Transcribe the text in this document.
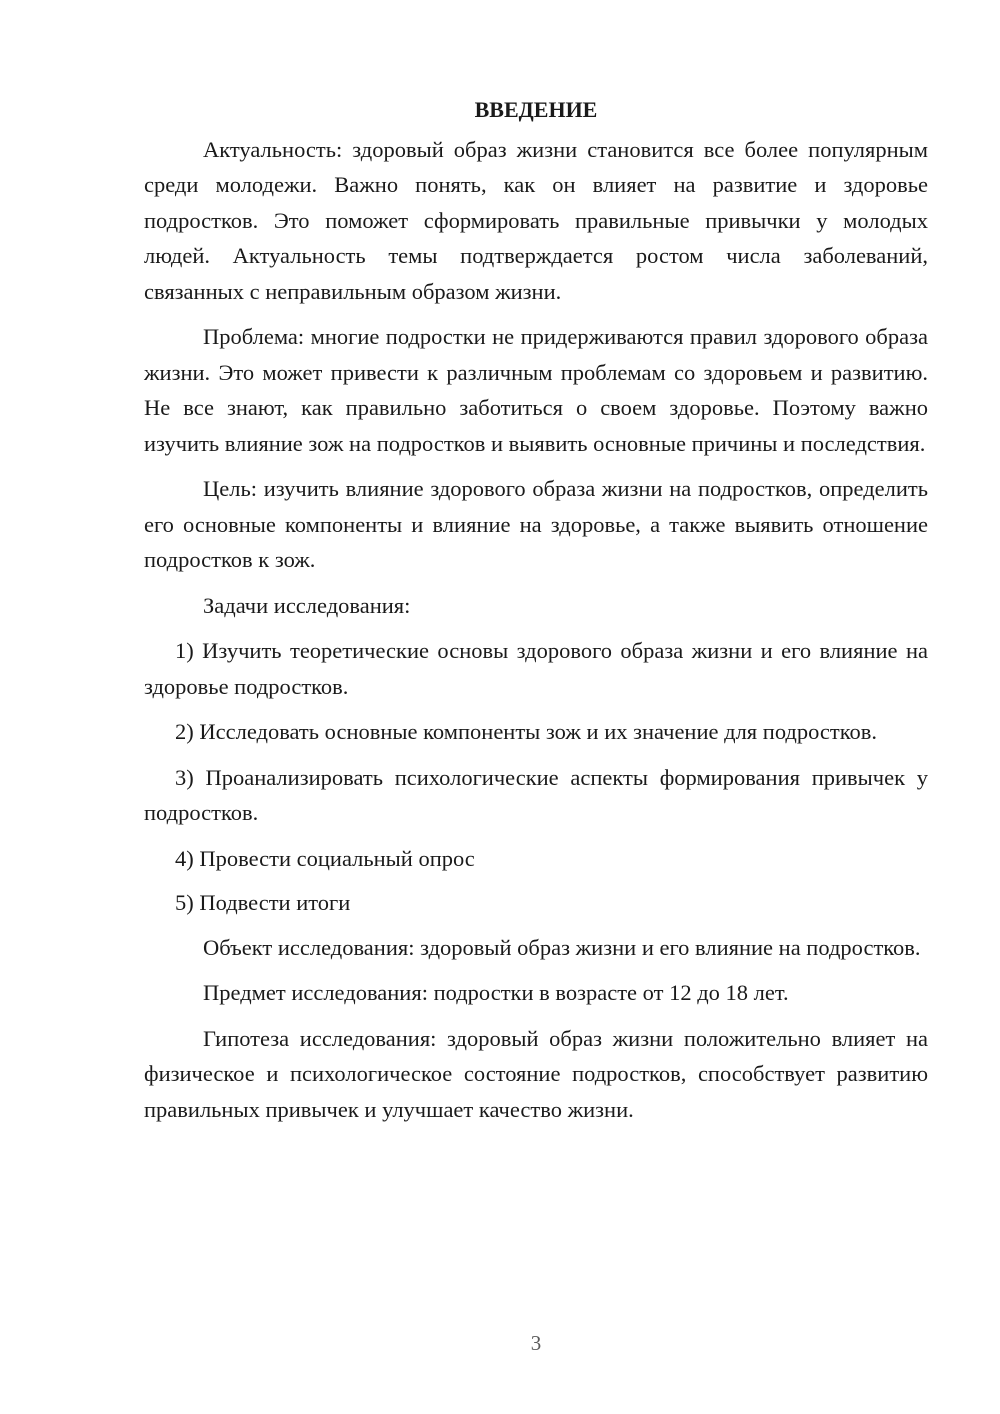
ВВЕДЕНИЕ

Актуальность: здоровый образ жизни становится все более популярным среди молодежи. Важно понять, как он влияет на развитие и здоровье подростков. Это поможет сформировать правильные привычки у молодых людей. Актуальность темы подтверждается ростом числа заболеваний, связанных с неправильным образом жизни.

Проблема: многие подростки не придерживаются правил здорового образа жизни. Это может привести к различным проблемам со здоровьем и развитию. Не все знают, как правильно заботиться о своем здоровье. Поэтому важно изучить влияние зож на подростков и выявить основные причины и последствия.

Цель: изучить влияние здорового образа жизни на подростков, определить его основные компоненты и влияние на здоровье, а также выявить отношение подростков к зож.

Задачи исследования:

1) Изучить теоретические основы здорового образа жизни и его влияние на здоровье подростков.

2) Исследовать основные компоненты зож и их значение для подростков.

3) Проанализировать психологические аспекты формирования привычек у подростков.

4) Провести социальный опрос

5) Подвести итоги

Объект исследования: здоровый образ жизни и его влияние на подростков.

Предмет исследования: подростки в возрасте от 12 до 18 лет.

Гипотеза исследования: здоровый образ жизни положительно влияет на физическое и психологическое состояние подростков, способствует развитию правильных привычек и улучшает качество жизни.

3
